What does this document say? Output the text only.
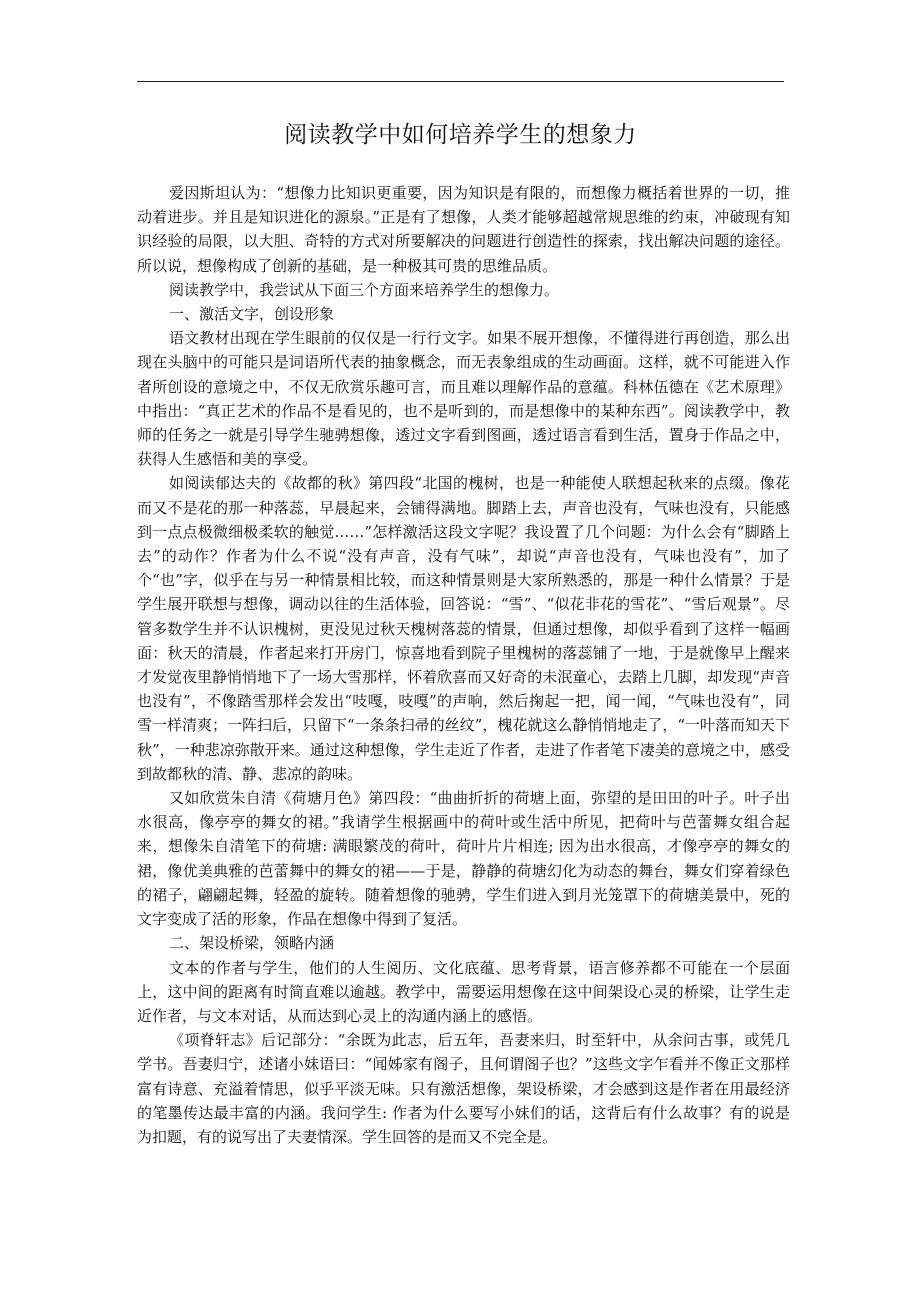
阅读教学中如何培养学生的想象力

爱因斯坦认为：“想像力比知识更重要，因为知识是有限的，而想像力概括着世界的一切，推动着进步。并且是知识进化的源泉。”正是有了想像，人类才能够超越常规思维的约束，冲破现有知识经验的局限，以大胆、奇特的方式对所要解决的问题进行创造性的探索，找出解决问题的途径。所以说，想像构成了创新的基础，是一种极其可贵的思维品质。

阅读教学中，我尝试从下面三个方面来培养学生的想像力。

一、激活文字，创设形象

语文教材出现在学生眼前的仅仅是一行行文字。如果不展开想像，不懂得进行再创造，那么出现在头脑中的可能只是词语所代表的抽象概念，而无表象组成的生动画面。这样，就不可能进入作者所创设的意境之中，不仅无欣赏乐趣可言，而且难以理解作品的意蕴。科林伍德在《艺术原理》中指出：“真正艺术的作品不是看见的，也不是听到的，而是想像中的某种东西”。阅读教学中，教师的任务之一就是引导学生驰骋想像，透过文字看到图画，透过语言看到生活，置身于作品之中，获得人生感悟和美的享受。

如阅读郁达夫的《故都的秋》第四段“北国的槐树，也是一种能使人联想起秋来的点缀。像花而又不是花的那一种落蕊，早晨起来，会铺得满地。脚踏上去，声音也没有，气味也没有，只能感到一点点极微细极柔软的触觉……”怎样激活这段文字呢？我设置了几个问题：为什么会有“脚踏上去”的动作？作者为什么不说“没有声音，没有气味”，却说“声音也没有，气味也没有”，加了个“也”字，似乎在与另一种情景相比较，而这种情景则是大家所熟悉的，那是一种什么情景？于是学生展开联想与想像，调动以往的生活体验，回答说：“雪”、“似花非花的雪花”、“雪后观景”。尽管多数学生并不认识槐树，更没见过秋天槐树落蕊的情景，但通过想像，却似乎看到了这样一幅画面：秋天的清晨，作者起来打开房门，惊喜地看到院子里槐树的落蕊铺了一地，于是就像早上醒来才发觉夜里静悄悄地下了一场大雪那样，怀着欣喜而又好奇的未泯童心，去踏上几脚，却发现“声音也没有”，不像踏雪那样会发出“吱嘎，吱嘎”的声响，然后掬起一把，闻一闻，“气味也没有”，同雪一样清爽；一阵扫后，只留下“一条条扫帚的丝纹”，槐花就这么静悄悄地走了，“一叶落而知天下秋”，一种悲凉弥散开来。通过这种想像，学生走近了作者，走进了作者笔下凄美的意境之中，感受到故都秋的清、静、悲凉的韵味。

又如欣赏朱自清《荷塘月色》第四段：“曲曲折折的荷塘上面，弥望的是田田的叶子。叶子出水很高，像亭亭的舞女的裙。”我请学生根据画中的荷叶或生活中所见，把荷叶与芭蕾舞女组合起来，想像朱自清笔下的荷塘: 满眼繁茂的荷叶，荷叶片片相连; 因为出水很高，才像亭亭的舞女的裙，像优美典雅的芭蕾舞中的舞女的裙——于是，静静的荷塘幻化为动态的舞台，舞女们穿着绿色的裙子，翩翩起舞，轻盈的旋转。随着想像的驰骋，学生们进入到月光笼罩下的荷塘美景中，死的文字变成了活的形象，作品在想像中得到了复活。

二、架设桥梁，领略内涵

文本的作者与学生，他们的人生阅历、文化底蕴、思考背景，语言修养都不可能在一个层面上，这中间的距离有时简直难以逾越。教学中，需要运用想像在这中间架设心灵的桥梁，让学生走近作者，与文本对话，从而达到心灵上的沟通内涵上的感悟。

《项脊轩志》后记部分：“余既为此志，后五年，吾妻来归，时至轩中，从余问古事，或凭几学书。吾妻归宁，述诸小妹语曰：“闻姊家有阁子，且何谓阁子也？”这些文字乍看并不像正文那样富有诗意、充溢着情思，似乎平淡无味。只有激活想像，架设桥梁，才会感到这是作者在用最经济的笔墨传达最丰富的内涵。我问学生: 作者为什么要写小妹们的话，这背后有什么故事？有的说是为扣题，有的说写出了夫妻情深。学生回答的是而又不完全是。
